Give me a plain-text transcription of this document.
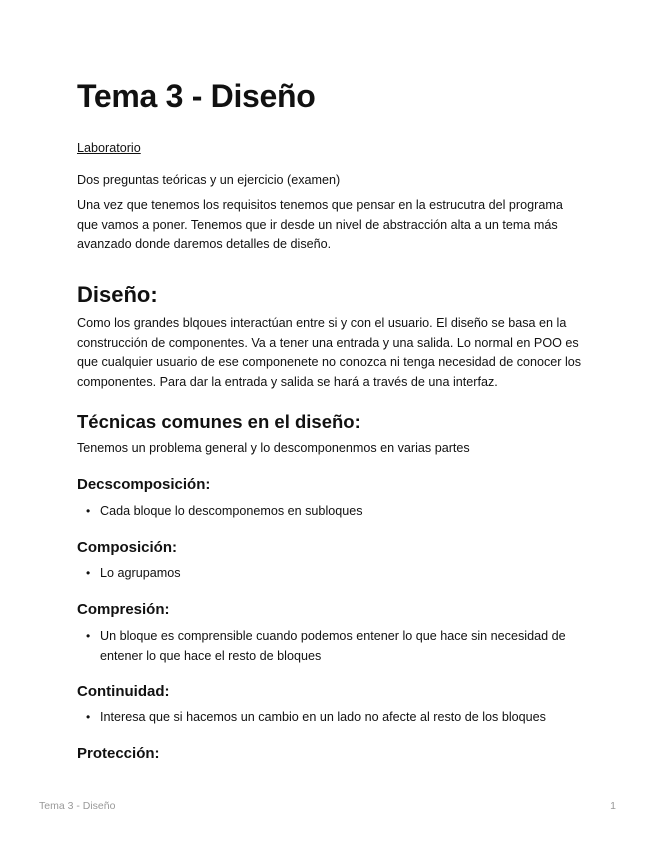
Tema 3 - Diseño

Laboratorio

Dos preguntas teóricas y un ejercicio (examen)

Una vez que tenemos los requisitos tenemos que pensar en la estrucutra del programa que vamos a poner. Tenemos que ir desde un nivel de abstracción alta a un tema más avanzado donde daremos detalles de diseño.

Diseño:

Como los grandes blqoues interactúan entre si y con el usuario. El diseño se basa en la construcción de componentes. Va a tener una entrada y una salida. Lo normal en POO es que cualquier usuario de ese componenete no conozca ni tenga necesidad de conocer los componentes. Para dar la entrada y salida se hará a través de una interfaz.

Técnicas comunes en el diseño:

Tenemos un problema general y lo descomponenmos en varias partes

Decscomposición:
• Cada bloque lo descomponemos en subloques
Composición:
• Lo agrupamos
Compresión:
• Un bloque es comprensible cuando podemos entener lo que hace sin necesidad de entener lo que hace el resto de bloques
Continuidad:
• Interesa que si hacemos un cambio en un lado no afecte al resto de los bloques
Protección:
Tema 3 - Diseño	1
